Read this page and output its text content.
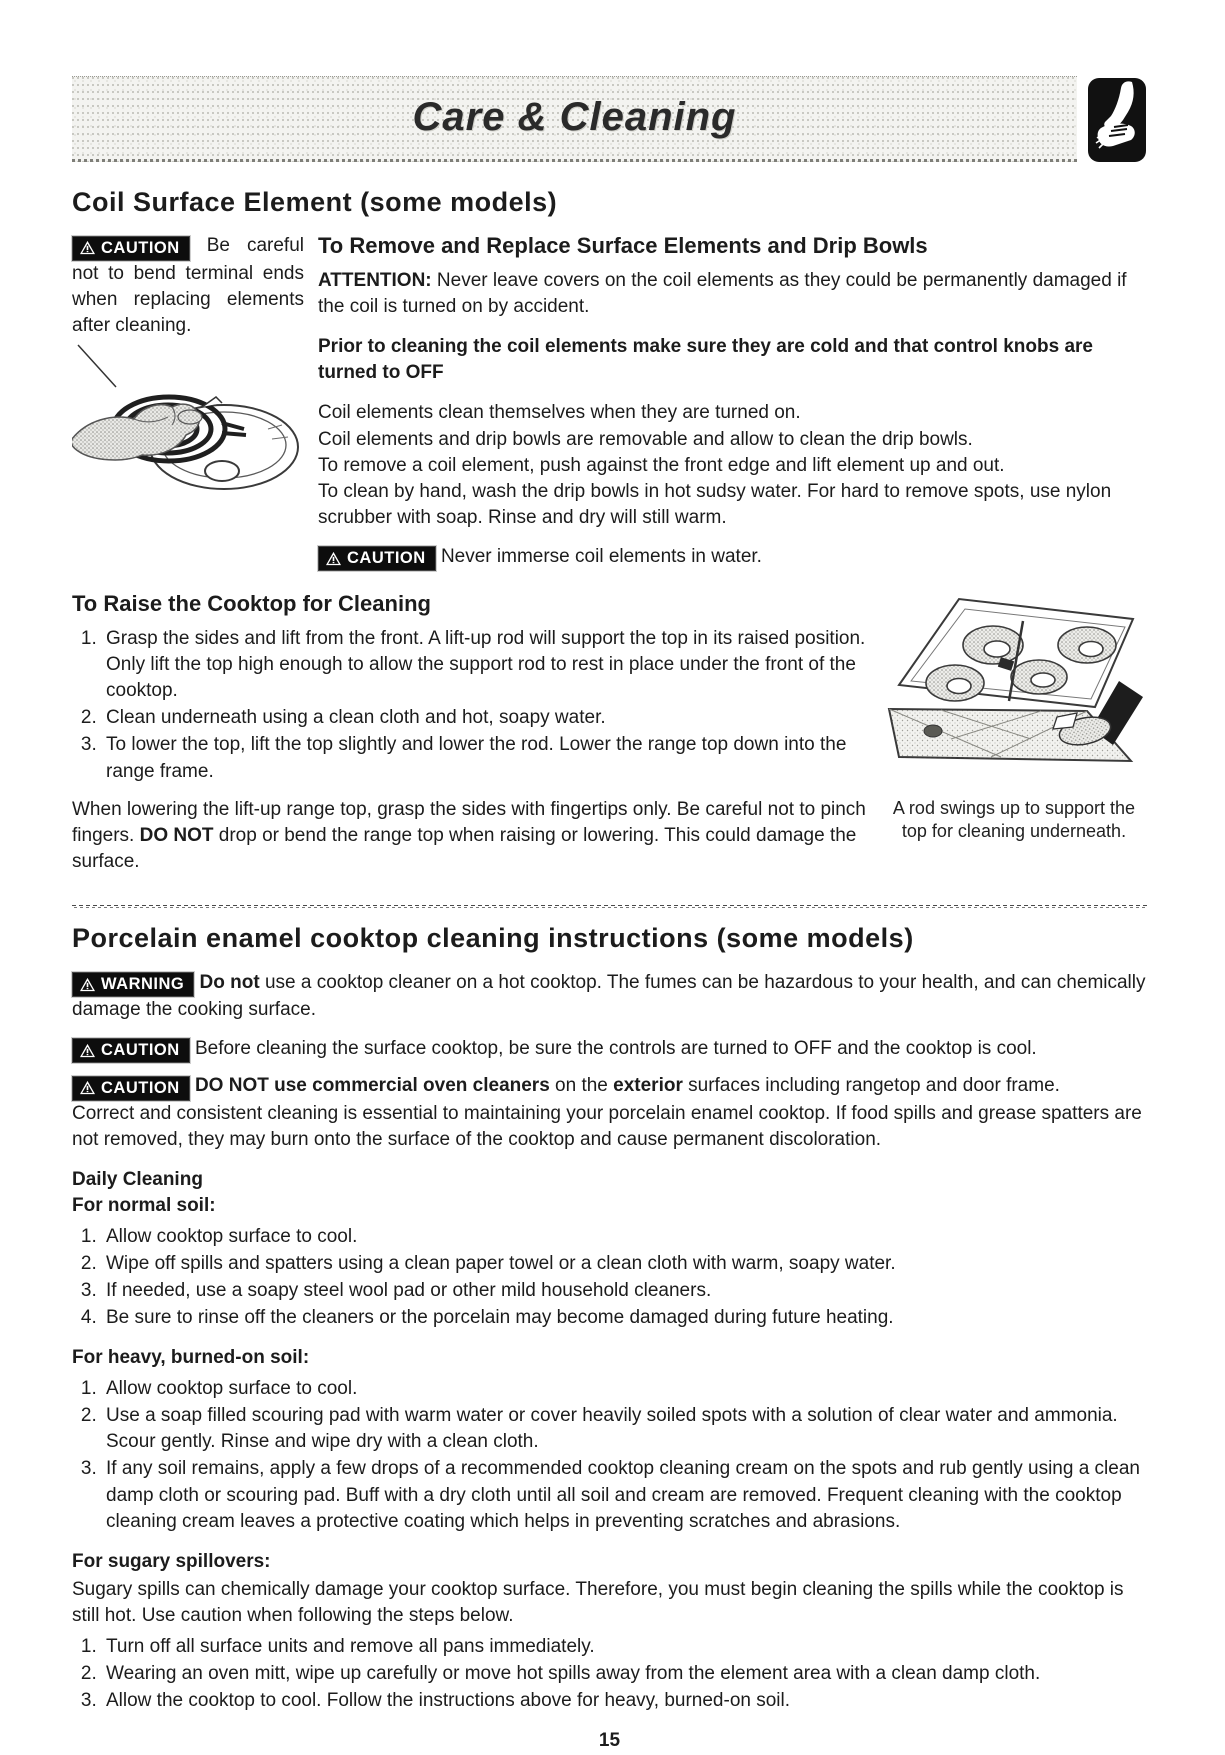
Care & Cleaning
Coil Surface Element (some models)

CAUTION Be careful not to bend terminal ends when replacing elements after cleaning.

To Remove and Replace Surface Elements and Drip Bowls

ATTENTION: Never leave covers on the coil elements as they could be permanently damaged if the coil is turned on by accident.

Prior to cleaning the coil elements make sure they are cold and that control knobs are turned to OFF

Coil elements clean themselves when they are turned on.
Coil elements and drip bowls are removable and allow to clean the drip bowls.
To remove a coil element, push against the front edge and lift element up and out.
To clean by hand, wash the drip bowls in hot sudsy water. For hard to remove spots, use nylon scrubber with soap. Rinse and dry will still warm.

CAUTION Never immerse coil elements in water.

To Raise the Cooktop for Cleaning
1. Grasp the sides and lift from the front. A lift-up rod will support the top in its raised position. Only lift the top high enough to allow the support rod to rest in place under the front of the cooktop.
2. Clean underneath using a clean cloth and hot, soapy water.
3. To lower the top, lift the top slightly and lower the rod. Lower the range top down into the range frame.

When lowering the lift-up range top, grasp the sides with fingertips only. Be careful not to pinch fingers. DO NOT drop or bend the range top when raising or lowering. This could damage the surface.

A rod swings up to support the top for cleaning underneath.
Porcelain enamel cooktop cleaning instructions (some models)

WARNING Do not use a cooktop cleaner on a hot cooktop. The fumes can be hazardous to your health, and can chemically damage the cooking surface.

CAUTION Before cleaning the surface cooktop, be sure the controls are turned to OFF and the cooktop is cool.

CAUTION DO NOT use commercial oven cleaners on the exterior surfaces including rangetop and door frame.

Correct and consistent cleaning is essential to maintaining your porcelain enamel cooktop. If food spills and grease spatters are not removed, they may burn onto the surface of the cooktop and cause permanent discoloration.

Daily Cleaning

For normal soil:

1. Allow cooktop surface to cool.
2. Wipe off spills and spatters using a clean paper towel or a clean cloth with warm, soapy water.
3. If needed, use a soapy steel wool pad or other mild household cleaners.
4. Be sure to rinse off the cleaners or the porcelain may become damaged during future heating.

For heavy, burned-on soil:

1. Allow cooktop surface to cool.
2. Use a soap filled scouring pad with warm water or cover heavily soiled spots with a solution of clear water and ammonia. Scour gently. Rinse and wipe dry with a clean cloth.
3. If any soil remains, apply a few drops of a recommended cooktop cleaning cream on the spots and rub gently using a clean damp cloth or scouring pad. Buff with a dry cloth until all soil and cream are removed. Frequent cleaning with the cooktop cleaning cream leaves a protective coating which helps in preventing scratches and abrasions.

For sugary spillovers:

Sugary spills can chemically damage your cooktop surface. Therefore, you must begin cleaning the spills while the cooktop is still hot. Use caution when following the steps below.

1. Turn off all surface units and remove all pans immediately.
2. Wearing an oven mitt, wipe up carefully or move hot spills away from the element area with a clean damp cloth.
3. Allow the cooktop to cool. Follow the instructions above for heavy, burned-on soil.
15
